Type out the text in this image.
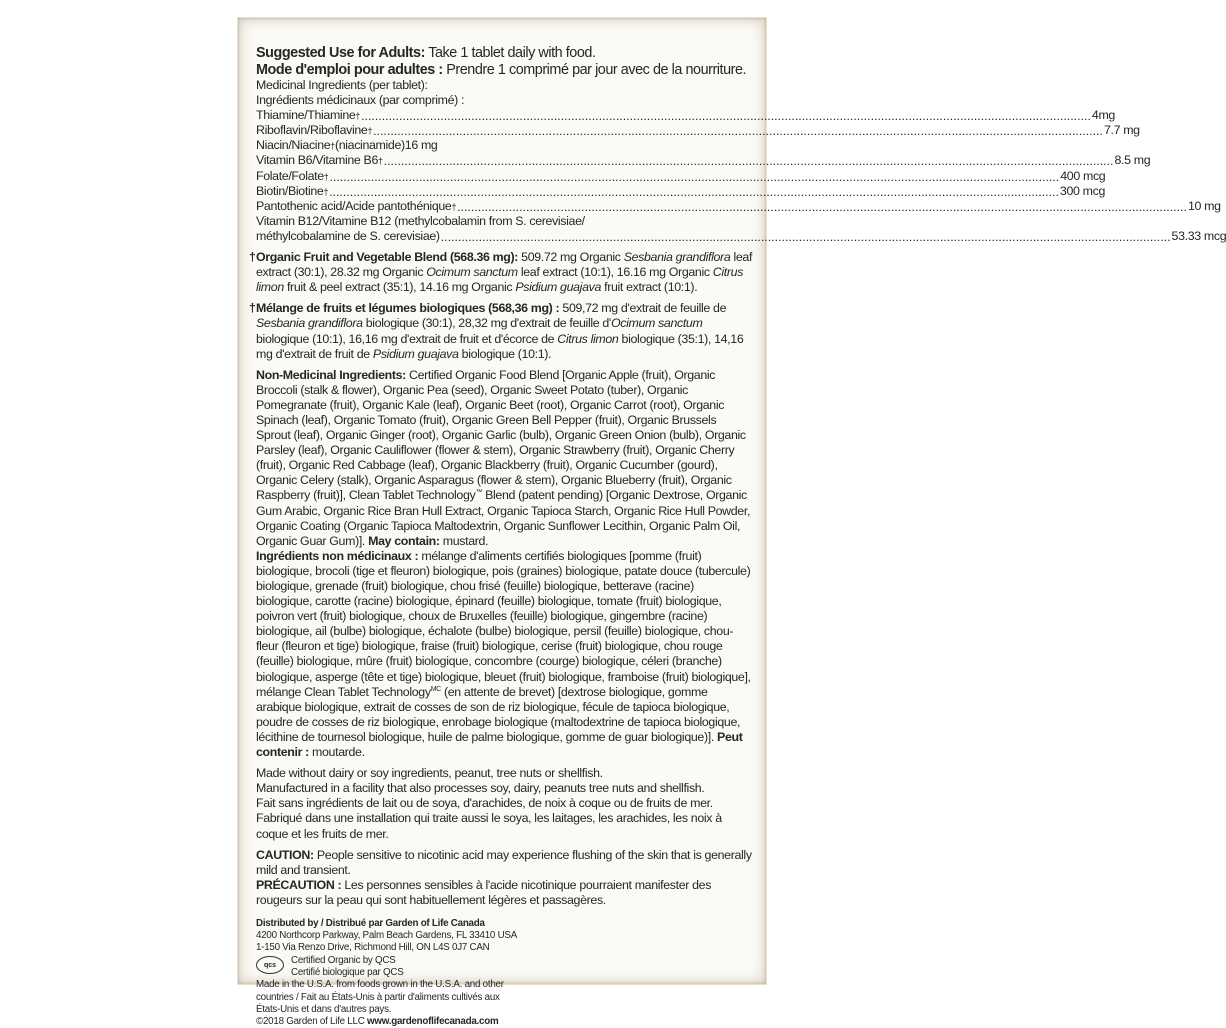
Suggested Use for Adults: Take 1 tablet daily with food.

Mode d'emploi pour adultes : Prendre 1 comprimé par jour avec de la nourriture.

Medicinal Ingredients (per tablet):

Ingrédients médicinaux (par comprimé) :

Thiamine/Thiamine † .....	4mg
Riboflavin/Riboflavine † .....	7.7 mg
Niacin/Niacine † (niacinamide)16 mg
Vitamin B6/Vitamine B6 † .....	8.5 mg
Folate/Folate † .....	400 mcg
Biotin/Biotine † .....	300 mcg
Pantothenic acid/Acide pantothénique † .....	10 mg

Vitamin B12/Vitamine B12 (methylcobalamin from S. cerevisiae/

méthylcobalamine de S. cerevisiae) .....	53.33 mcg
† Organic Fruit and Vegetable Blend (568.36 mg): 509.72 mg Organic Sesbania grandiflora leaf extract (30:1), 28.32 mg Organic Ocimum sanctum leaf extract (10:1), 16.16 mg Organic Citrus limon fruit & peel extract (35:1), 14.16 mg Organic Psidium guajava fruit extract (10:1).

† Mélange de fruits et légumes biologiques (568,36 mg) : 509,72 mg d'extrait de feuille de Sesbania grandiflora biologique (30:1), 28,32 mg d'extrait de feuille d'Ocimum sanctum biologique (10:1), 16,16 mg d'extrait de fruit et d'écorce de Citrus limon biologique (35:1), 14,16 mg d'extrait de fruit de Psidium guajava biologique (10:1).

Non-Medicinal Ingredients: Certified Organic Food Blend [Organic Apple (fruit), Organic Broccoli (stalk & flower), Organic Pea (seed), Organic Sweet Potato (tuber), Organic Pomegranate (fruit), Organic Kale (leaf), Organic Beet (root), Organic Carrot (root), Organic Spinach (leaf), Organic Tomato (fruit), Organic Green Bell Pepper (fruit), Organic Brussels Sprout (leaf), Organic Ginger (root), Organic Garlic (bulb), Organic Green Onion (bulb), Organic Parsley (leaf), Organic Cauliflower (flower & stem), Organic Strawberry (fruit), Organic Cherry (fruit), Organic Red Cabbage (leaf), Organic Blackberry (fruit), Organic Cucumber (gourd), Organic Celery (stalk), Organic Asparagus (flower & stem), Organic Blueberry (fruit), Organic Raspberry (fruit)], Clean Tablet Technology™ Blend (patent pending) [Organic Dextrose, Organic Gum Arabic, Organic Rice Bran Hull Extract, Organic Tapioca Starch, Organic Rice Hull Powder, Organic Coating (Organic Tapioca Maltodextrin, Organic Sunflower Lecithin, Organic Palm Oil, Organic Guar Gum)]. May contain: mustard.

Ingrédients non médicinaux : mélange d'aliments certifiés biologiques [pomme (fruit) biologique, brocoli (tige et fleuron) biologique, pois (graines) biologique, patate douce (tubercule) biologique, grenade (fruit) biologique, chou frisé (feuille) biologique, betterave (racine) biologique, carotte (racine) biologique, épinard (feuille) biologique, tomate (fruit) biologique, poivron vert (fruit) biologique, choux de Bruxelles (feuille) biologique, gingembre (racine) biologique, ail (bulbe) biologique, échalote (bulbe) biologique, persil (feuille) biologique, chou-fleur (fleuron et tige) biologique, fraise (fruit) biologique, cerise (fruit) biologique, chou rouge (feuille) biologique, mûre (fruit) biologique, concombre (courge) biologique, céleri (branche) biologique, asperge (tête et tige) biologique, bleuet (fruit) biologique, framboise (fruit) biologique], mélange Clean Tablet Technology$^{MC}$ (en attente de brevet) [dextrose biologique, gomme arabique biologique, extrait de cosses de son de riz biologique, fécule de tapioca biologique, poudre de cosses de riz biologique, enrobage biologique (maltodextrine de tapioca biologique, lécithine de tournesol biologique, huile de palme biologique, gomme de guar biologique)]. Peut contenir : moutarde.

Made without dairy or soy ingredients, peanut, tree nuts or shellfish.

Manufactured in a facility that also processes soy, dairy, peanuts tree nuts and shellfish.

Fait sans ingrédients de lait ou de soya, d'arachides, de noix à coque ou de fruits de mer.

Fabriqué dans une installation qui traite aussi le soya, les laitages, les arachides, les noix à coque et les fruits de mer.

CAUTION: People sensitive to nicotinic acid may experience flushing of the skin that is generally mild and transient.

PRÉCAUTION : Les personnes sensibles à l'acide nicotinique pourraient manifester des rougeurs sur la peau qui sont habituellement légères et passagères.

Distributed by / Distribué par Garden of Life Canada

4200 Northcorp Parkway, Palm Beach Gardens, FL 33410 USA

1-150 Via Renzo Drive, Richmond Hill, ON L4S 0J7 CAN

qcs	Certified Organic by QCS

Certifié biologique par QCS

Made in the U.S.A. from foods grown in the U.S.A. and other countries / Fait au États-Unis à partir d'aliments cultivés aux États-Unis et dans d'autres pays.

©2018 Garden of Life LLC www.gardenoflifecanada.com
